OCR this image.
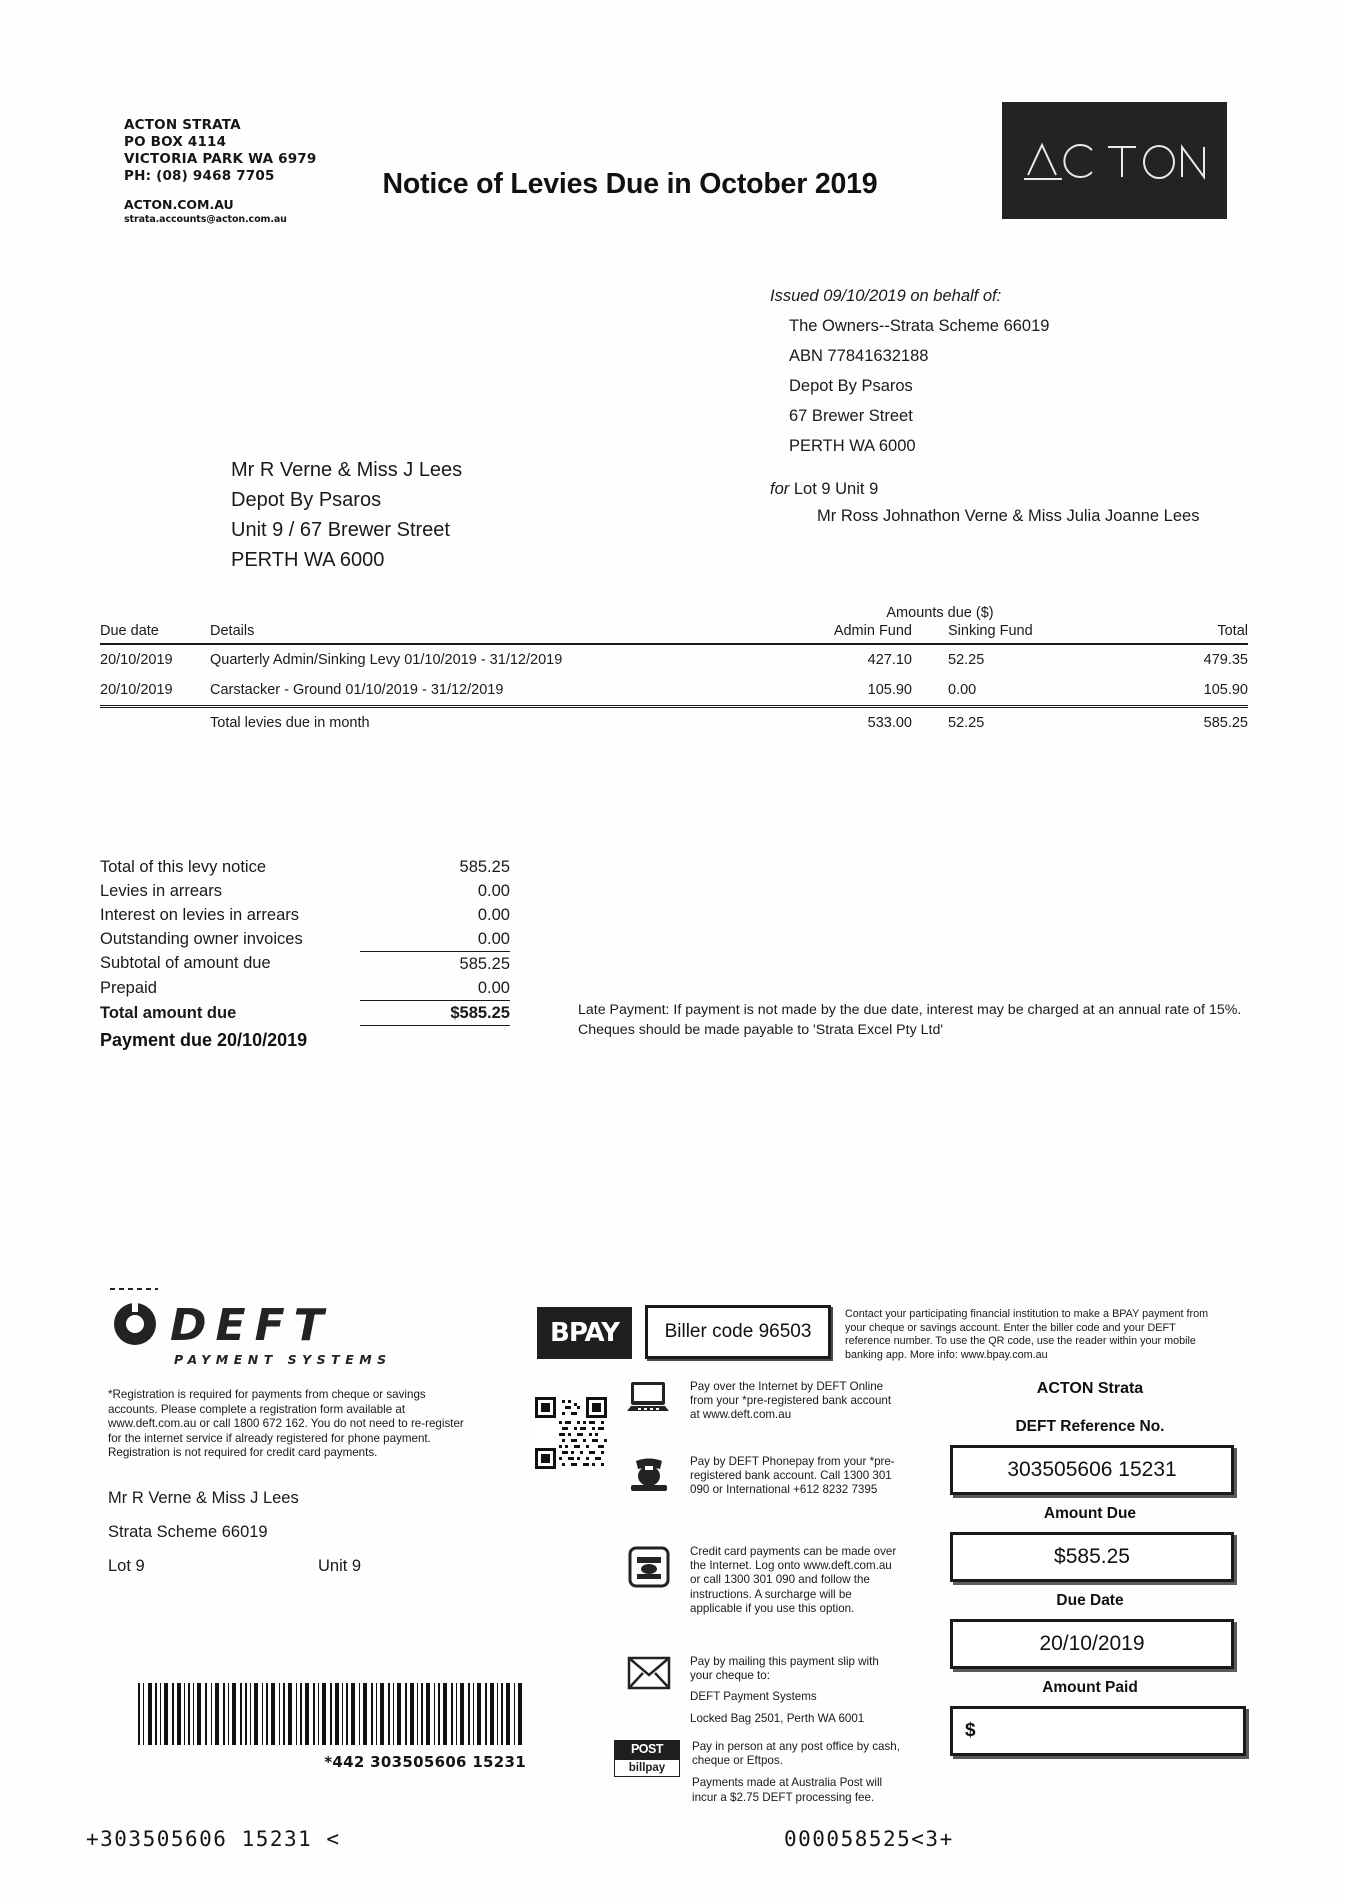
ACTON STRATA
PO BOX 4114
VICTORIA PARK WA 6979
PH: (08) 9468 7705
ACTON.COM.AU
strata.accounts@acton.com.au
Notice of Levies Due in October 2019
Issued 09/10/2019 on behalf of:
The Owners--Strata Scheme 66019
ABN 77841632188
Depot By Psaros
67 Brewer Street
PERTH WA 6000
for Lot 9 Unit 9
Mr Ross Johnathon Verne & Miss Julia Joanne Lees
Mr R Verne & Miss J Lees
Depot By Psaros
Unit 9 / 67 Brewer Street
PERTH WA 6000
		Amounts due ($)		
Due date	Details	Admin Fund	Sinking Fund	Total
20/10/2019	Quarterly Admin/Sinking Levy 01/10/2019 - 31/12/2019	427.10	52.25	479.35
20/10/2019	Carstacker - Ground 01/10/2019 - 31/12/2019	105.90	0.00	105.90
	Total levies due in month	533.00	52.25	585.25
Total of this levy notice	585.25
Levies in arrears	0.00
Interest on levies in arrears	0.00
Outstanding owner invoices	0.00
Subtotal of amount due	585.25
Prepaid	0.00
Total amount due	$585.25

Payment due 20/10/2019
Late Payment: If payment is not made by the due date, interest may be charged at an annual rate of 15%.
Cheques should be made payable to 'Strata Excel Pty Ltd'
DEFT
PAYMENT SYSTEMS
*Registration is required for payments from cheque or savings accounts. Please complete a registration form available at www.deft.com.au or call 1800 672 162. You do not need to re-register for the internet service if already registered for phone payment. Registration is not required for credit card payments.
Mr R Verne & Miss J Lees
Strata Scheme 66019
Lot 9	Unit 9
*442 303505606 15231
+303505606 15231 <	000058525<3+
BPAY	Biller code 96503
Contact your participating financial institution to make a BPAY payment from your cheque or savings account. Enter the biller code and your DEFT reference number. To use the QR code, use the reader within your mobile banking app. More info: www.bpay.com.au
Pay over the Internet by DEFT Online from your *pre-registered bank account at www.deft.com.au
Pay by DEFT Phonepay from your *pre-registered bank account. Call 1300 301 090 or International +612 8232 7395
Credit card payments can be made over the Internet. Log onto www.deft.com.au or call 1300 301 090 and follow the instructions. A surcharge will be applicable if you use this option.
Pay by mailing this payment slip with your cheque to:
DEFT Payment Systems
Locked Bag 2501, Perth WA 6001
POST
billpay
Pay in person at any post office by cash, cheque or Eftpos.
Payments made at Australia Post will incur a $2.75 DEFT processing fee.
ACTON Strata
DEFT Reference No.
303505606 15231
Amount Due
$585.25
Due Date
20/10/2019
Amount Paid
$
